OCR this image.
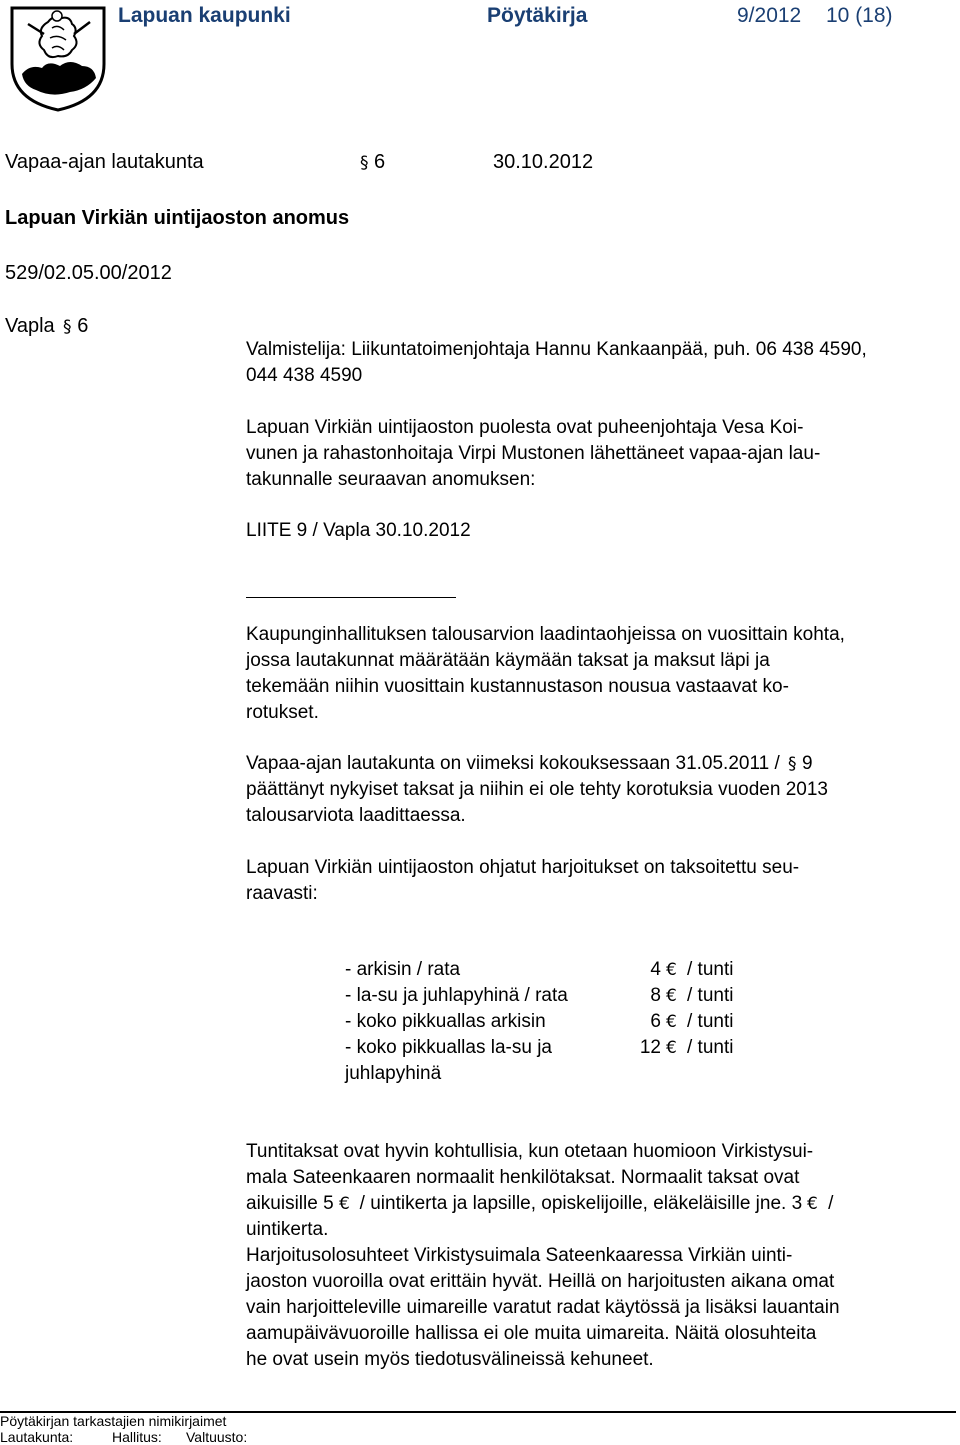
Lapuan kaupunki	Pöytäkirja	9/2012 10 (18)
Vapaa-ajan lautakunta	§ 6	30.10.2012
Lapuan Virkiän uintijaoston anomus
529/02.05.00/2012
Vapla § 6
Valmistelija: Liikuntatoimenjohtaja Hannu Kankaanpää, puh. 06 438 4590,
044 438 4590
Lapuan Virkiän uintijaoston puolesta ovat puheenjohtaja Vesa Koi-
vunen ja rahastonhoitaja Virpi Mustonen lähettäneet vapaa-ajan lau-
takunnalle seuraavan anomuksen:
LIITE 9 / Vapla 30.10.2012
Kaupunginhallituksen talousarvion laadintaohjeissa on vuosittain kohta,
jossa lautakunnat määrätään käymään taksat ja maksut läpi ja
tekemään niihin vuosittain kustannustason nousua vastaavat ko-
rotukset.
Vapaa-ajan lautakunta on viimeksi kokouksessaan 31.05.2011 / § 9
päättänyt nykyiset taksat ja niihin ei ole tehty korotuksia vuoden 2013
talousarviota laadittaessa.
Lapuan Virkiän uintijaoston ohjatut harjoitukset on taksoitettu seu-
raavasti:
- arkisin / rata	4 € / tunti
- la-su ja juhlapyhinä / rata	8 € / tunti
- koko pikkuallas arkisin	6 € / tunti
- koko pikkuallas la-su ja	12 € / tunti
juhlapyhinä
Tuntitaksat ovat hyvin kohtullisia, kun otetaan huomioon Virkistysui-
mala Sateenkaaren normaalit henkilötaksat. Normaalit taksat ovat
aikuisille 5 € / uintikerta ja lapsille, opiskelijoille, eläkeläisille jne. 3 € /
uintikerta.
Harjoitusolosuhteet Virkistysuimala Sateenkaaressa Virkiän uinti-
jaoston vuoroilla ovat erittäin hyvät. Heillä on harjoitusten aikana omat
vain harjoitteleville uimareille varatut radat käytössä ja lisäksi lauantain
aamupäivävuoroille hallissa ei ole muita uimareita. Näitä olosuhteita
he ovat usein myös tiedotusvälineissä kehuneet.
Pöytäkirjan tarkastajien nimikirjaimet
Lautakunta:	Hallitus: Valtuusto:
